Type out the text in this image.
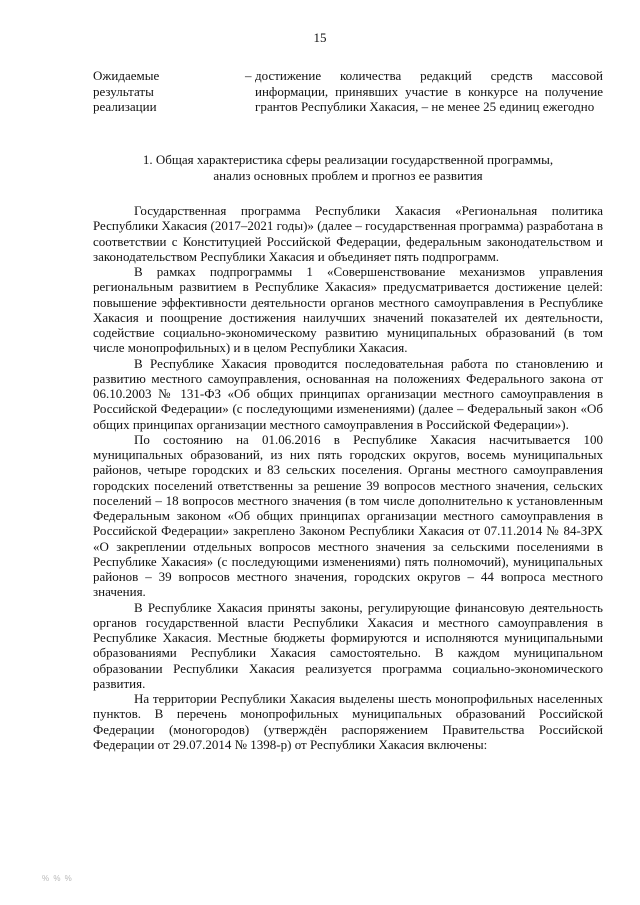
15
Ожидаемые
результаты
реализации
– достижение количества редакций средств массовой информации, принявших участие в конкурсе на получение грантов Республики Хакасия, – не менее 25 единиц ежегодно
1. Общая характеристика сферы реализации государственной программы,
анализ основных проблем и прогноз ее развития

Государственная программа Республики Хакасия «Региональная политика Республики Хакасия (2017–2021 годы)» (далее – государственная программа) разработана в соответствии с Конституцией Российской Федерации, федеральным законодательством и законодательством Республики Хакасия и объединяет пять подпрограмм.

В рамках подпрограммы 1 «Совершенствование механизмов управления региональным развитием в Республике Хакасия» предусматривается достижение целей: повышение эффективности деятельности органов местного самоуправления в Республике Хакасия и поощрение достижения наилучших значений показателей их деятельности, содействие социально-экономическому развитию муниципальных образований (в том числе монопрофильных) и в целом Республики Хакасия.

В Республике Хакасия проводится последовательная работа по становлению и развитию местного самоуправления, основанная на положениях Федерального закона от 06.10.2003 № 131-ФЗ «Об общих принципах организации местного самоуправления в Российской Федерации» (с последующими изменениями) (далее – Федеральный закон «Об общих принципах организации местного самоуправления в Российской Федерации»).

По состоянию на 01.06.2016 в Республике Хакасия насчитывается 100 муниципальных образований, из них пять городских округов, восемь муниципальных районов, четыре городских и 83 сельских поселения. Органы местного самоуправления городских поселений ответственны за решение 39 вопросов местного значения, сельских поселений – 18 вопросов местного значения (в том числе дополнительно к установленным Федеральным законом «Об общих принципах организации местного самоуправления в Российской Федерации» закреплено Законом Республики Хакасия от 07.11.2014 № 84-ЗРХ «О закреплении отдельных вопросов местного значения за сельскими поселениями в Республике Хакасия» (с последующими изменениями) пять полномочий), муниципальных районов – 39 вопросов местного значения, городских округов – 44 вопроса местного значения.

В Республике Хакасия приняты законы, регулирующие финансовую деятельность органов государственной власти Республики Хакасия и местного самоуправления в Республике Хакасия. Местные бюджеты формируются и исполняются муниципальными образованиями Республики Хакасия самостоятельно. В каждом муниципальном образовании Республики Хакасия реализуется программа социально-экономического развития.

На территории Республики Хакасия выделены шесть монопрофильных населенных пунктов. В перечень монопрофильных муниципальных образований Российской Федерации (моногородов) (утверждён распоряжением Правительства Российской Федерации от 29.07.2014 № 1398-р) от Республики Хакасия включены:

% % %
